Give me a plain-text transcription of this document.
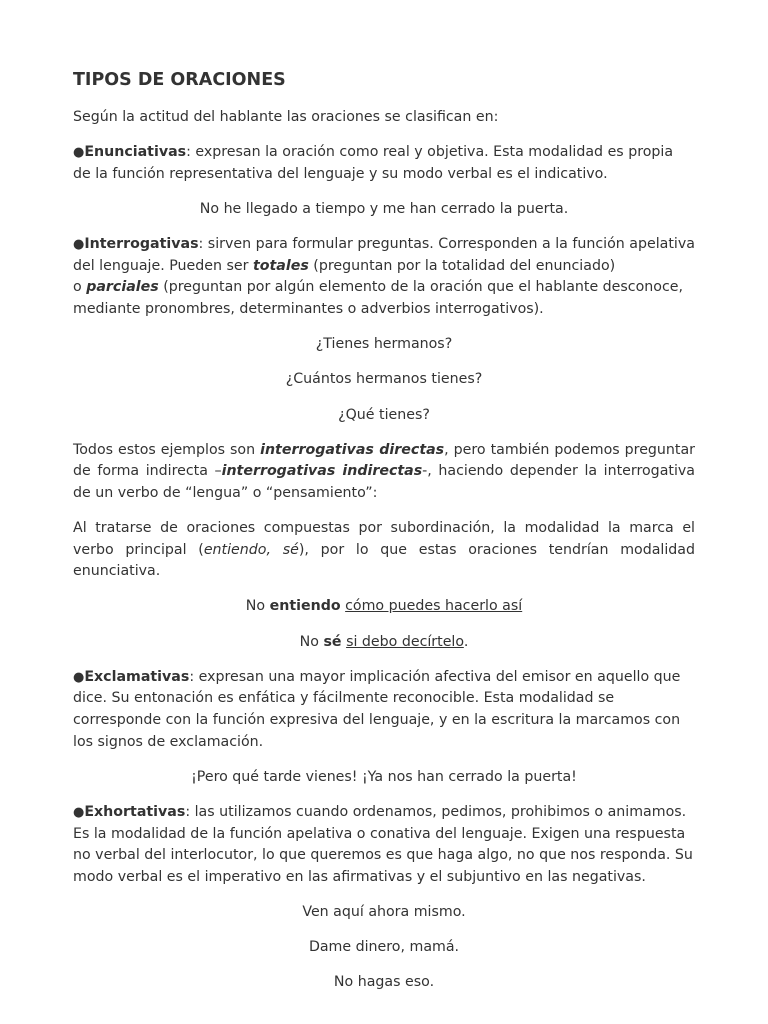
TIPOS DE ORACIONES

Según la actitud del hablante las oraciones se clasifican en:

●Enunciativas: expresan la oración como real y objetiva. Esta modalidad es propia de la función representativa del lenguaje y su modo verbal es el indicativo.

No he llegado a tiempo y me han cerrado la puerta.

●Interrogativas: sirven para formular preguntas. Corresponden a la función apelativa del lenguaje. Pueden ser totales (preguntan por la totalidad del enunciado)
o parciales (preguntan por algún elemento de la oración que el hablante desconoce, mediante pronombres, determinantes o adverbios interrogativos).

¿Tienes hermanos?

¿Cuántos hermanos tienes?

¿Qué tienes?

Todos estos ejemplos son interrogativas directas, pero también podemos preguntar de forma indirecta –interrogativas indirectas-, haciendo depender la interrogativa de un verbo de “lengua” o “pensamiento”:

Al tratarse de oraciones compuestas por subordinación, la modalidad la marca el verbo principal (entiendo, sé), por lo que estas oraciones tendrían modalidad enunciativa.

No entiendo cómo puedes hacerlo así

No sé si debo decírtelo.

●Exclamativas: expresan una mayor implicación afectiva del emisor en aquello que dice. Su entonación es enfática y fácilmente reconocible. Esta modalidad se corresponde con la función expresiva del lenguaje, y en la escritura la marcamos con los signos de exclamación.

¡Pero qué tarde vienes! ¡Ya nos han cerrado la puerta!

●Exhortativas: las utilizamos cuando ordenamos, pedimos, prohibimos o animamos. Es la modalidad de la función apelativa o conativa del lenguaje. Exigen una respuesta no verbal del interlocutor, lo que queremos es que haga algo, no que nos responda. Su modo verbal es el imperativo en las afirmativas y el subjuntivo en las negativas.

Ven aquí ahora mismo.

Dame dinero, mamá.

No hagas eso.
